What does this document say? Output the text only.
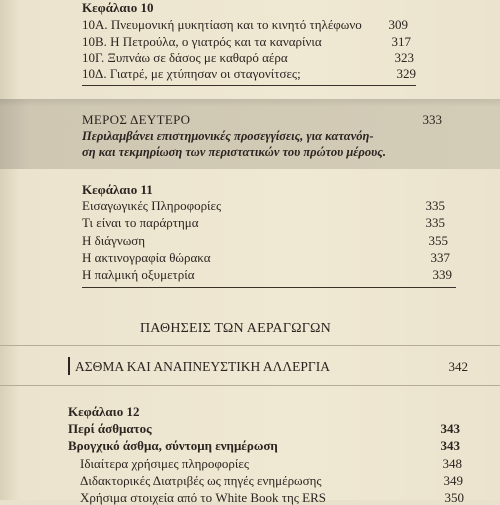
Κεφάλαιο 10
10Α. Πνευμονική μυκητίαση και το κινητό τηλέφωνο	309
10Β. Η Πετρούλα, ο γιατρός και τα καναρίνια	317
10Γ. Ξυπνάω σε δάσος με καθαρό αέρα	323
10Δ. Γιατρέ, με χτύπησαν οι σταγονίτσες;	329
ΜΕΡΟΣ ΔΕΥΤΕΡΟ	333
Περιλαμβάνει επιστημονικές προσεγγίσεις, για κατανόη-
ση και τεκμηρίωση των περιστατικών του πρώτου μέρους.
Κεφάλαιο 11
Εισαγωγικές Πληροφορίες	335
Τι είναι το παράρτημα	335
Η διάγνωση	355
Η ακτινογραφία θώρακα	337
Η παλμική οξυμετρία	339
ΠΑΘΗΣΕΙΣ ΤΩΝ ΑΕΡΑΓΩΓΩΝ
ΑΣΘΜΑ ΚΑΙ ΑΝΑΠΝΕΥΣΤΙΚΗ ΑΛΛΕΡΓΙΑ	342
Κεφάλαιο 12
Περί άσθματος	343
Βρογχικό άσθμα, σύντομη ενημέρωση	343
Ιδιαίτερα χρήσιμες πληροφορίες	348
Διδακτορικές Διατριβές ως πηγές ενημέρωσης	349
Χρήσιμα στοιχεία από το White Book της ERS	350
